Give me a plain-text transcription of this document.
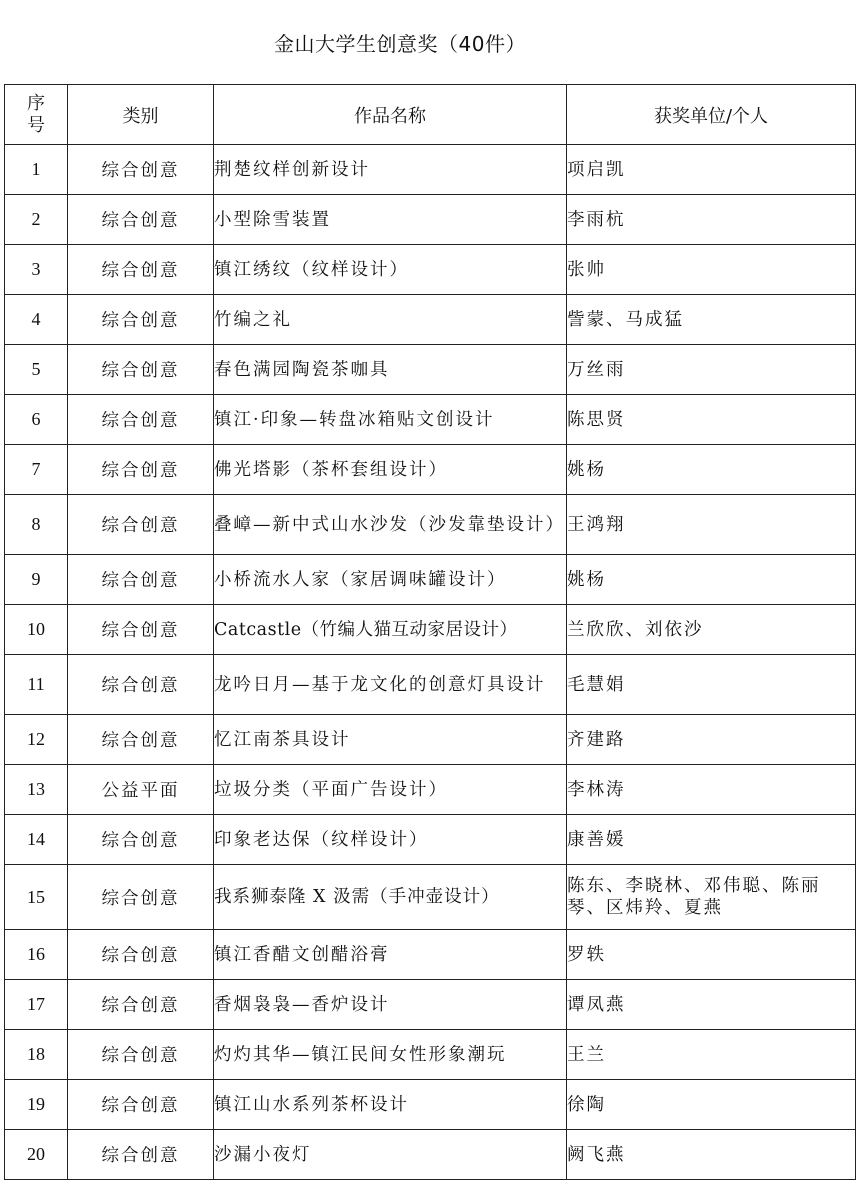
金山大学生创意奖（40件）
序
号	类别	作品名称	获奖单位/个人
1	综合创意	荆楚纹样创新设计	项启凯
2	综合创意	小型除雪装置	李雨杭
3	综合创意	镇江绣纹（纹样设计）	张帅
4	综合创意	竹编之礼	訾蒙、马成猛
5	综合创意	春色满园陶瓷茶咖具	万丝雨
6	综合创意	镇江·印象—转盘冰箱贴文创设计	陈思贤
7	综合创意	佛光塔影（茶杯套组设计）	姚杨
8	综合创意	叠嶂—新中式山水沙发（沙发靠垫设计）	王鸿翔
9	综合创意	小桥流水人家（家居调味罐设计）	姚杨
10	综合创意	Catcastle（竹编人猫互动家居设计）	兰欣欣、刘依沙
11	综合创意	龙吟日月—基于龙文化的创意灯具设计	毛慧娟
12	综合创意	忆江南茶具设计	齐建路
13	公益平面	垃圾分类（平面广告设计）	李林涛
14	综合创意	印象老达保（纹样设计）	康善媛
15	综合创意	我系狮泰隆 X 汲需（手冲壶设计）	陈东、李晓林、邓伟聪、陈丽琴、区炜羚、夏燕
16	综合创意	镇江香醋文创醋浴膏	罗轶
17	综合创意	香烟袅袅—香炉设计	谭凤燕
18	综合创意	灼灼其华—镇江民间女性形象潮玩	王兰
19	综合创意	镇江山水系列茶杯设计	徐陶
20	综合创意	沙漏小夜灯	阙飞燕
